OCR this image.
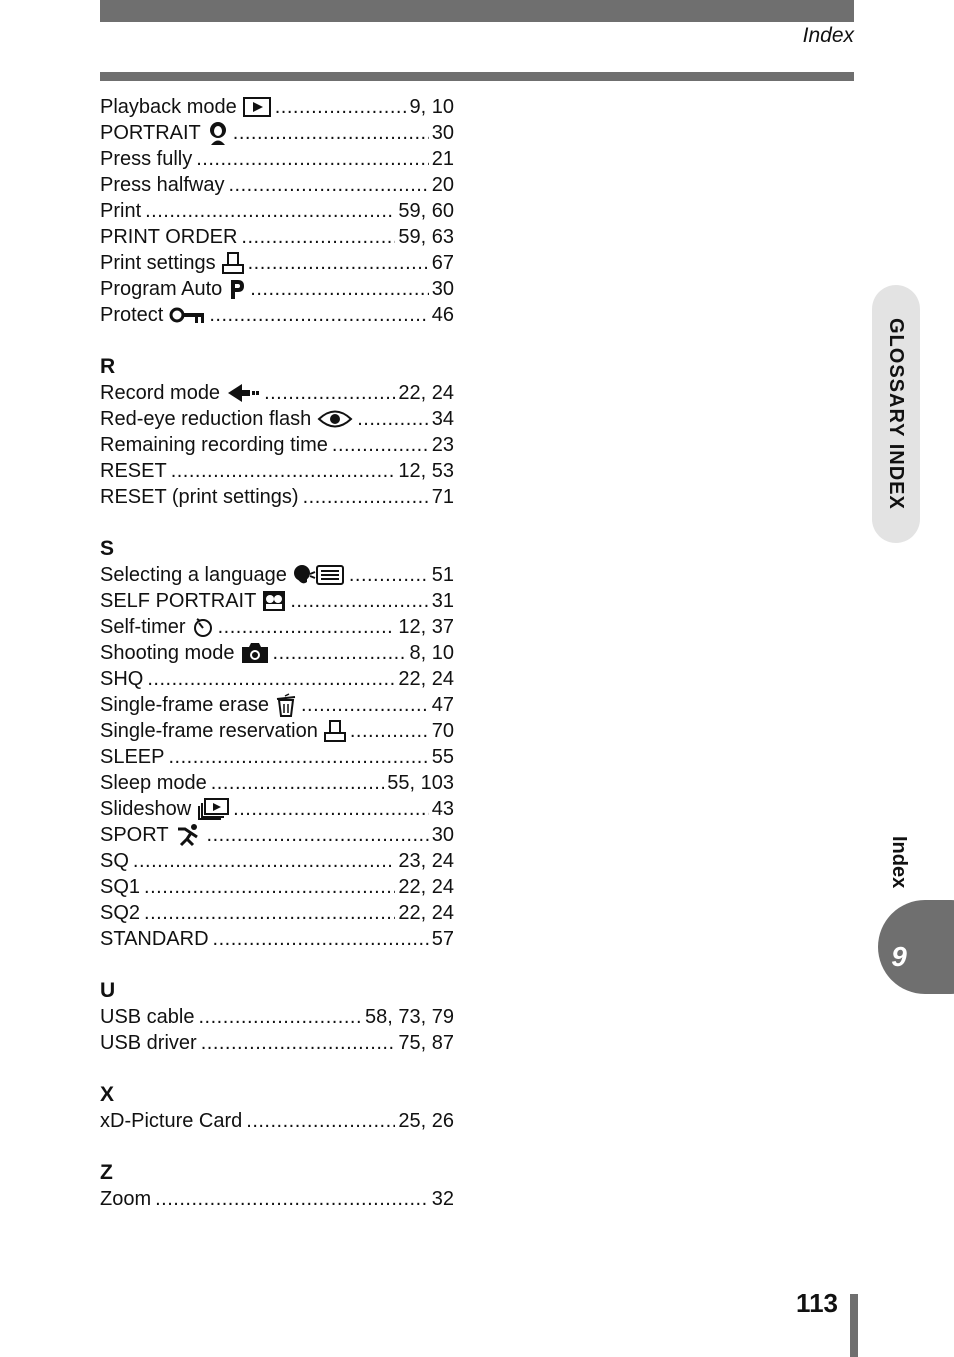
Index
Playback mode .....	9, 10
PORTRAIT .....	30
Press fully .....	21
Press halfway .....	20
Print .....	59, 60
PRINT ORDER .....	59, 63
Print settings .....	67
Program Auto .....	30
Protect .....	46
R
Record mode .....	22, 24
Red-eye reduction flash .....	34
Remaining recording time .....	23
RESET .....	12, 53
RESET (print settings) .....	71
S
Selecting a language .....	51
SELF PORTRAIT .....	31
Self-timer .....	12, 37
Shooting mode .....	8, 10
SHQ .....	22, 24
Single-frame erase .....	47
Single-frame reservation .....	70
SLEEP .....	55
Sleep mode .....	55, 103
Slideshow .....	43
SPORT .....	30
SQ .....	23, 24
SQ1 .....	22, 24
SQ2 .....	22, 24
STANDARD .....	57
U
USB cable .....	58, 73, 79
USB driver .....	75, 87
X
xD-Picture Card .....	25, 26
Z
Zoom .....	32
GLOSSARY INDEX
Index
9
113
